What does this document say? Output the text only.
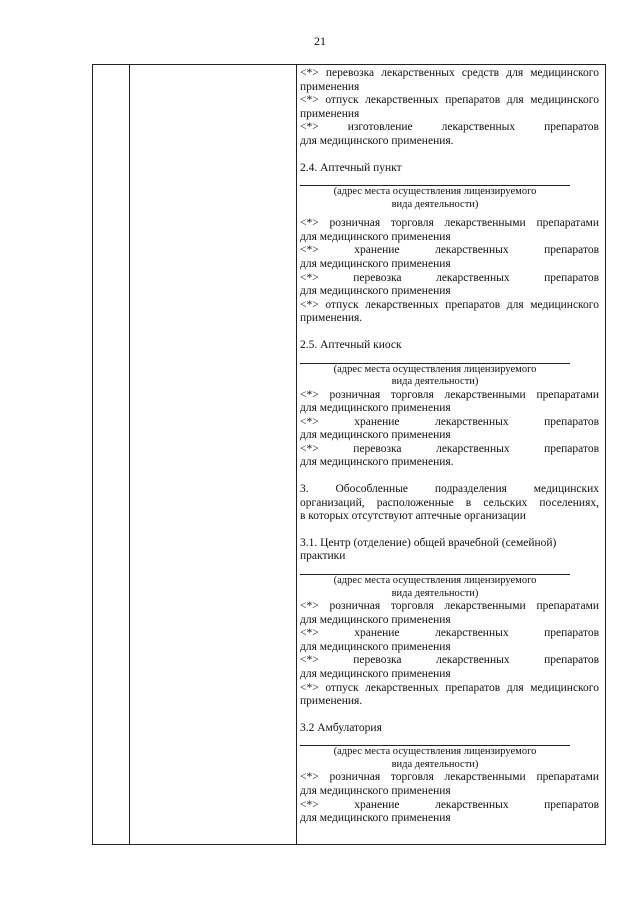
21
<*> перевозка лекарственных средств для медицинского
применения
<*> отпуск лекарственных препаратов для медицинского
применения
<*> изготовление	лекарственных	препаратов
для медицинского применения.
2.4. Аптечный пункт
(адрес места осуществления лицензируемого
вида деятельности)
<*> розничная торговля лекарственными препаратами
для медицинского применения
<*> хранение	лекарственных	препаратов
для медицинского применения
<*> перевозка	лекарственных	препаратов
для медицинского применения
<*> отпуск лекарственных препаратов для медицинского
применения.
2.5. Аптечный киоск
(адрес места осуществления лицензируемого
вида деятельности)
<*> розничная торговля лекарственными препаратами
для медицинского применения
<*> хранение	лекарственных	препаратов
для медицинского применения
<*> перевозка	лекарственных	препаратов
для медицинского применения.
3. Обособленные подразделения медицинских
организаций, расположенные в сельских поселениях,
в которых отсутствуют аптечные организации
3.1. Центр (отделение) общей врачебной (семейной)
практики
(адрес места осуществления лицензируемого
вида деятельности)
<*> розничная торговля лекарственными препаратами
для медицинского применения
<*> хранение	лекарственных	препаратов
для медицинского применения
<*> перевозка	лекарственных	препаратов
для медицинского применения
<*> отпуск лекарственных препаратов для медицинского
применения.
3.2 Амбулатория
(адрес места осуществления лицензируемого
вида деятельности)
<*> розничная торговля лекарственными препаратами
для медицинского применения
<*> хранение	лекарственных	препаратов
для медицинского применения
